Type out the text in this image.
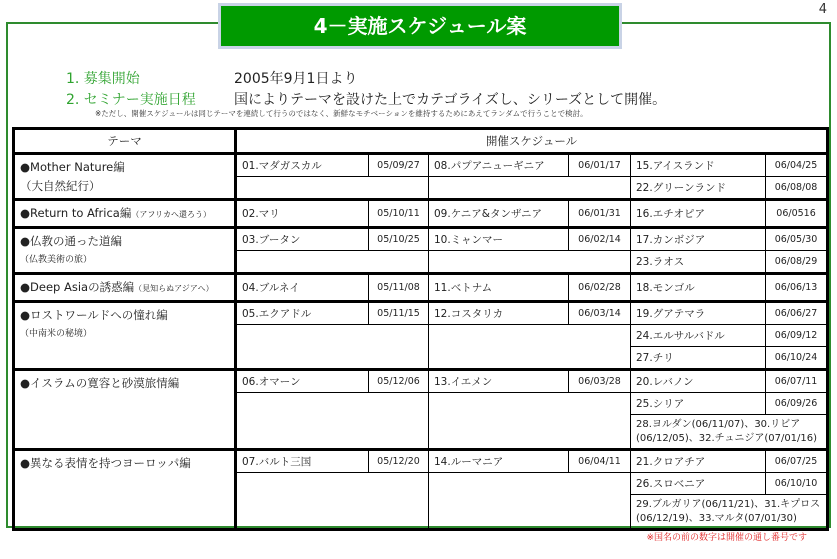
4－実施スケジュール案
4
1. 募集開始	2005年9月1日より
2. セミナー実施日程	国によりテーマを設けた上でカテゴライズし、シリーズとして開催。
※ただし、開催スケジュールは同じテーマを連続して行うのではなく、新鮮なモチベーションを維持するためにあえてランダムで行うことで検討。
テーマ	開催スケジュール					
●Mother Nature編
（大自然紀行）	01.マダガスカル	05/09/27	08.パプアニューギニア	06/01/17	15.アイスランド	06/04/25
					22.グリーンランド	06/08/08
●Return to Africa編（アフリカへ還ろう）	02.マリ	05/10/11	09.ケニア&タンザニア	06/01/31	16.エチオピア	06/0516
●仏教の通った道編
（仏教美術の旅）	03.ブータン	05/10/25	10.ミャンマー	06/02/14	17.カンボジア	06/05/30
					23.ラオス	06/08/29
●Deep Asiaの誘惑編（見知らぬアジアへ）	04.ブルネイ	05/11/08	11.ベトナム	06/02/28	18.モンゴル	06/06/13
●ロストワールドへの憧れ編
（中南米の秘境）	05.エクアドル	05/11/15	12.コスタリカ	06/03/14	19.グアテマラ	06/06/27
					24.エルサルバドル	06/09/12
					27.チリ	06/10/24
●イスラムの寛容と砂漠旅情編	06.オマーン	05/12/06	13.イエメン	06/03/28	20.レバノン	06/07/11
					25.シリア	06/09/26
					28.ヨルダン(06/11/07)、30.リビア (06/12/05)、32.チュニジア(07/01/16)	
●異なる表情を持つヨーロッパ編	07.バルト三国	05/12/20	14.ルーマニア	06/04/11	21.クロアチア	06/07/25
					26.スロベニア	06/10/10
					29.ブルガリア(06/11/21)、31.キプロス (06/12/19)、33.マルタ(07/01/30)	
※国名の前の数字は開催の通し番号です
